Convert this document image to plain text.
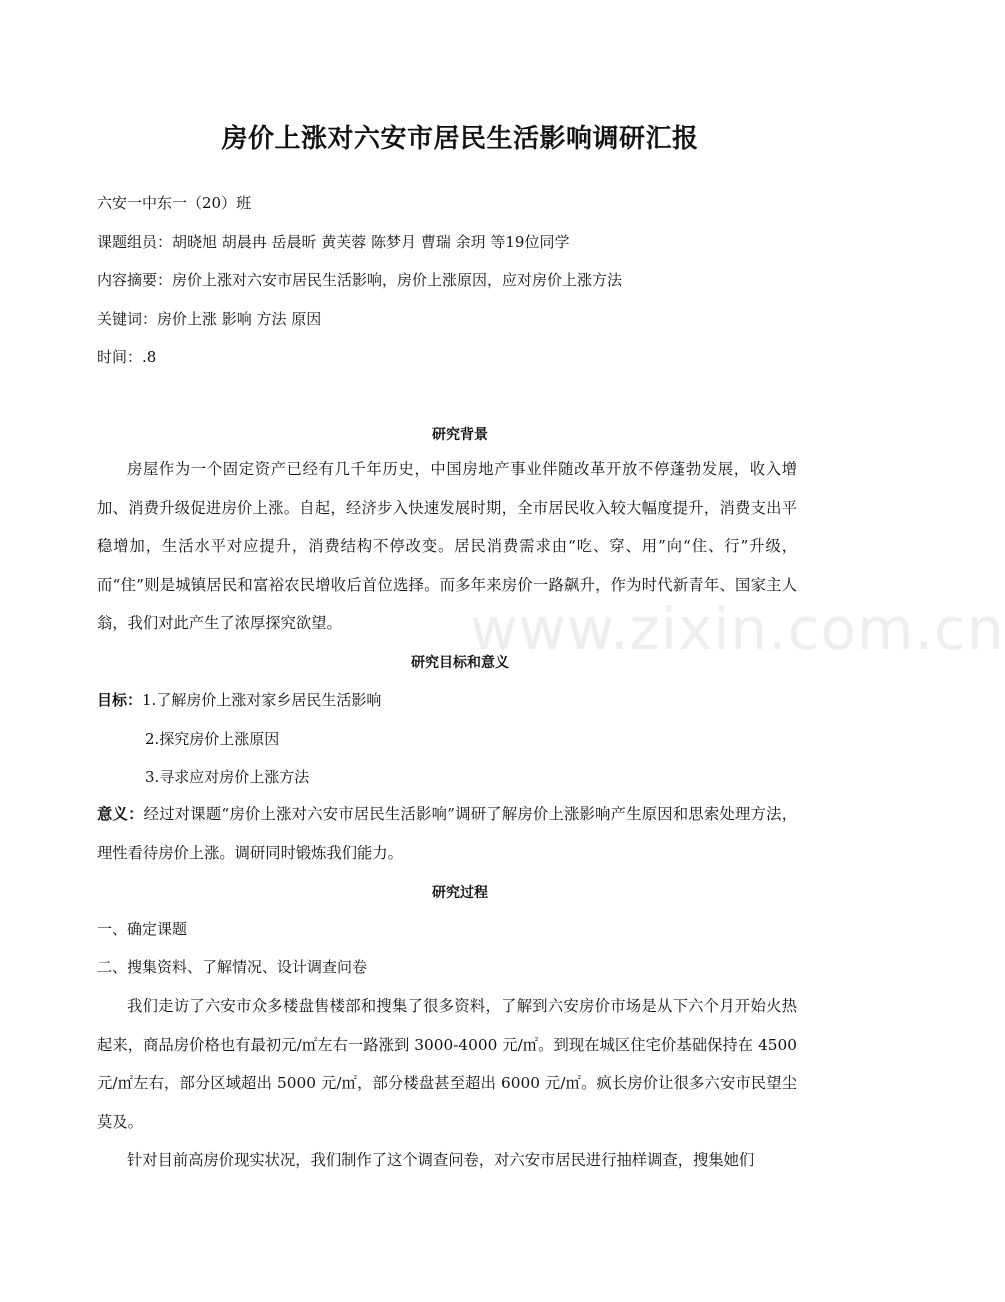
房价上涨对六安市居民生活影响调研汇报
六安一中东一（20）班
课题组员：胡晓旭 胡晨冉 岳晨昕 黄芙蓉 陈梦月 曹瑞 余玥 等19位同学
内容摘要：房价上涨对六安市居民生活影响，房价上涨原因，应对房价上涨方法
关键词：房价上涨 影响 方法 原因
时间：.8
研究背景
房屋作为一个固定资产已经有几千年历史，中国房地产事业伴随改革开放不停蓬勃发展，收入增加、消费升级促进房价上涨。自起，经济步入快速发展时期，全市居民收入较大幅度提升，消费支出平稳增加，生活水平对应提升，消费结构不停改变。居民消费需求由“吃、穿、用”向“住、行”升级，而“住”则是城镇居民和富裕农民增收后首位选择。而多年来房价一路飙升，作为时代新青年、国家主人翁，我们对此产生了浓厚探究欲望。
研究目标和意义
目标：1.了解房价上涨对家乡居民生活影响
2.探究房价上涨原因
3.寻求应对房价上涨方法
意义：经过对课题“房价上涨对六安市居民生活影响”调研了解房价上涨影响产生原因和思索处理方法，理性看待房价上涨。调研同时锻炼我们能力。
研究过程
一、确定课题
二、搜集资料、了解情况、设计调查问卷
我们走访了六安市众多楼盘售楼部和搜集了很多资料，了解到六安房价市场是从下六个月开始火热起来，商品房价格也有最初元/㎡左右一路涨到 3000-4000 元/㎡。到现在城区住宅价基础保持在 4500 元/㎡左右，部分区域超出 5000 元/㎡，部分楼盘甚至超出 6000 元/㎡。疯长房价让很多六安市民望尘莫及。
针对目前高房价现实状况，我们制作了这个调查问卷，对六安市居民进行抽样调查，搜集她们
www.zixin.com.cn
